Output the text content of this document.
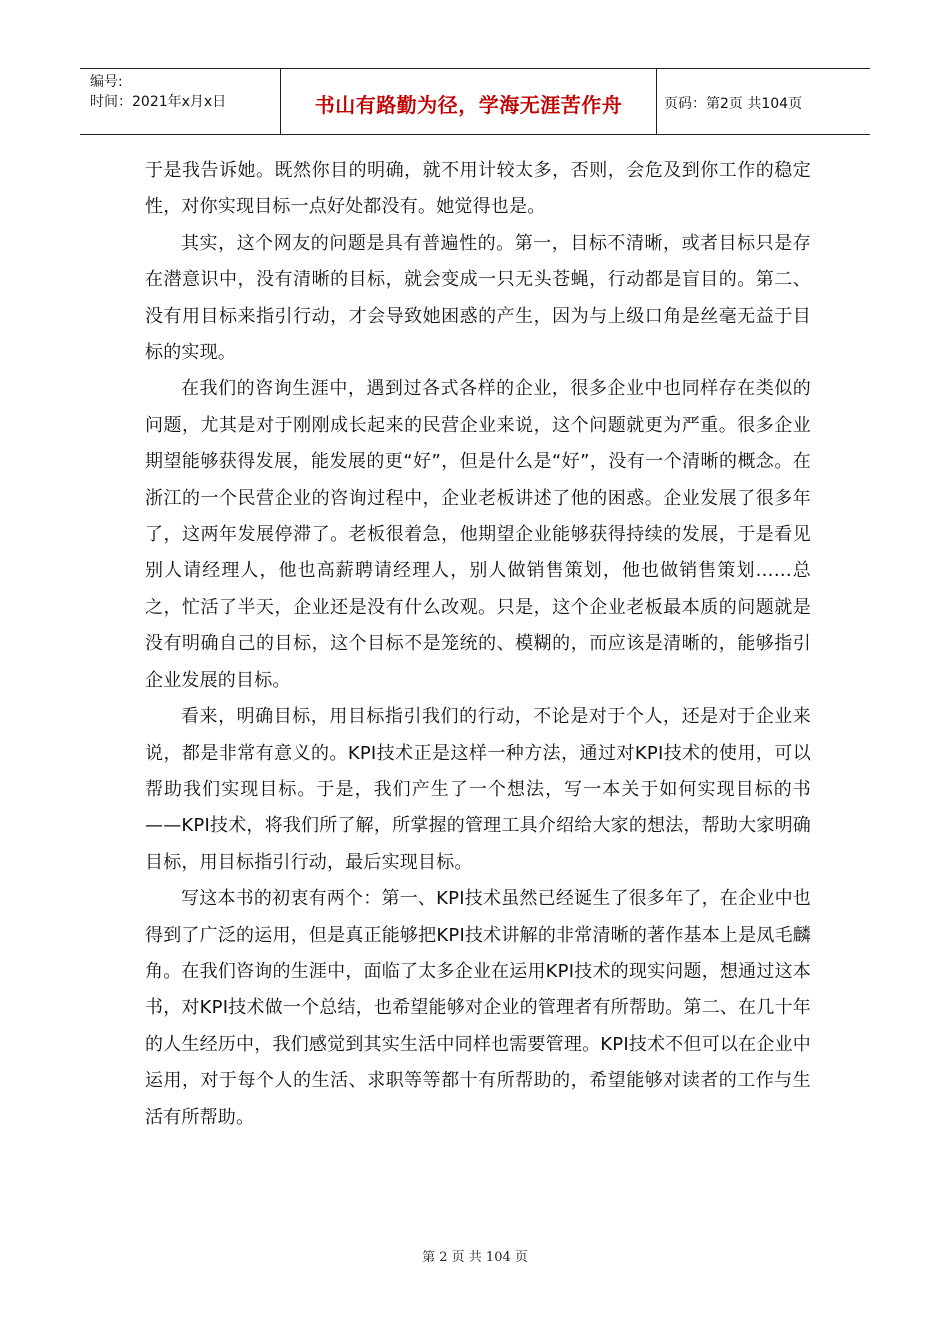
编号:
时间：2021年x月x日	书山有路勤为径，学海无涯苦作舟	页码：第2页 共104页

于是我告诉她。既然你目的明确，就不用计较太多，否则，会危及到你工作的稳定性，对你实现目标一点好处都没有。她觉得也是。

其实，这个网友的问题是具有普遍性的。第一，目标不清晰，或者目标只是存在潜意识中，没有清晰的目标，就会变成一只无头苍蝇，行动都是盲目的。第二、没有用目标来指引行动，才会导致她困惑的产生，因为与上级口角是丝毫无益于目标的实现。

在我们的咨询生涯中，遇到过各式各样的企业，很多企业中也同样存在类似的问题，尤其是对于刚刚成长起来的民营企业来说，这个问题就更为严重。很多企业期望能够获得发展，能发展的更“好”，但是什么是“好”，没有一个清晰的概念。在浙江的一个民营企业的咨询过程中，企业老板讲述了他的困惑。企业发展了很多年了，这两年发展停滞了。老板很着急，他期望企业能够获得持续的发展，于是看见别人请经理人，他也高薪聘请经理人，别人做销售策划，他也做销售策划……总之，忙活了半天，企业还是没有什么改观。只是，这个企业老板最本质的问题就是没有明确自己的目标，这个目标不是笼统的、模糊的，而应该是清晰的，能够指引企业发展的目标。

看来，明确目标，用目标指引我们的行动，不论是对于个人，还是对于企业来说，都是非常有意义的。KPI技术正是这样一种方法，通过对KPI技术的使用，可以帮助我们实现目标。于是，我们产生了一个想法，写一本关于如何实现目标的书——KPI技术，将我们所了解，所掌握的管理工具介绍给大家的想法，帮助大家明确目标，用目标指引行动，最后实现目标。

写这本书的初衷有两个：第一、KPI技术虽然已经诞生了很多年了，在企业中也得到了广泛的运用，但是真正能够把KPI技术讲解的非常清晰的著作基本上是凤毛麟角。在我们咨询的生涯中，面临了太多企业在运用KPI技术的现实问题，想通过这本书，对KPI技术做一个总结，也希望能够对企业的管理者有所帮助。第二、在几十年的人生经历中，我们感觉到其实生活中同样也需要管理。KPI技术不但可以在企业中运用，对于每个人的生活、求职等等都十有所帮助的，希望能够对读者的工作与生活有所帮助。

第 2 页 共 104 页
